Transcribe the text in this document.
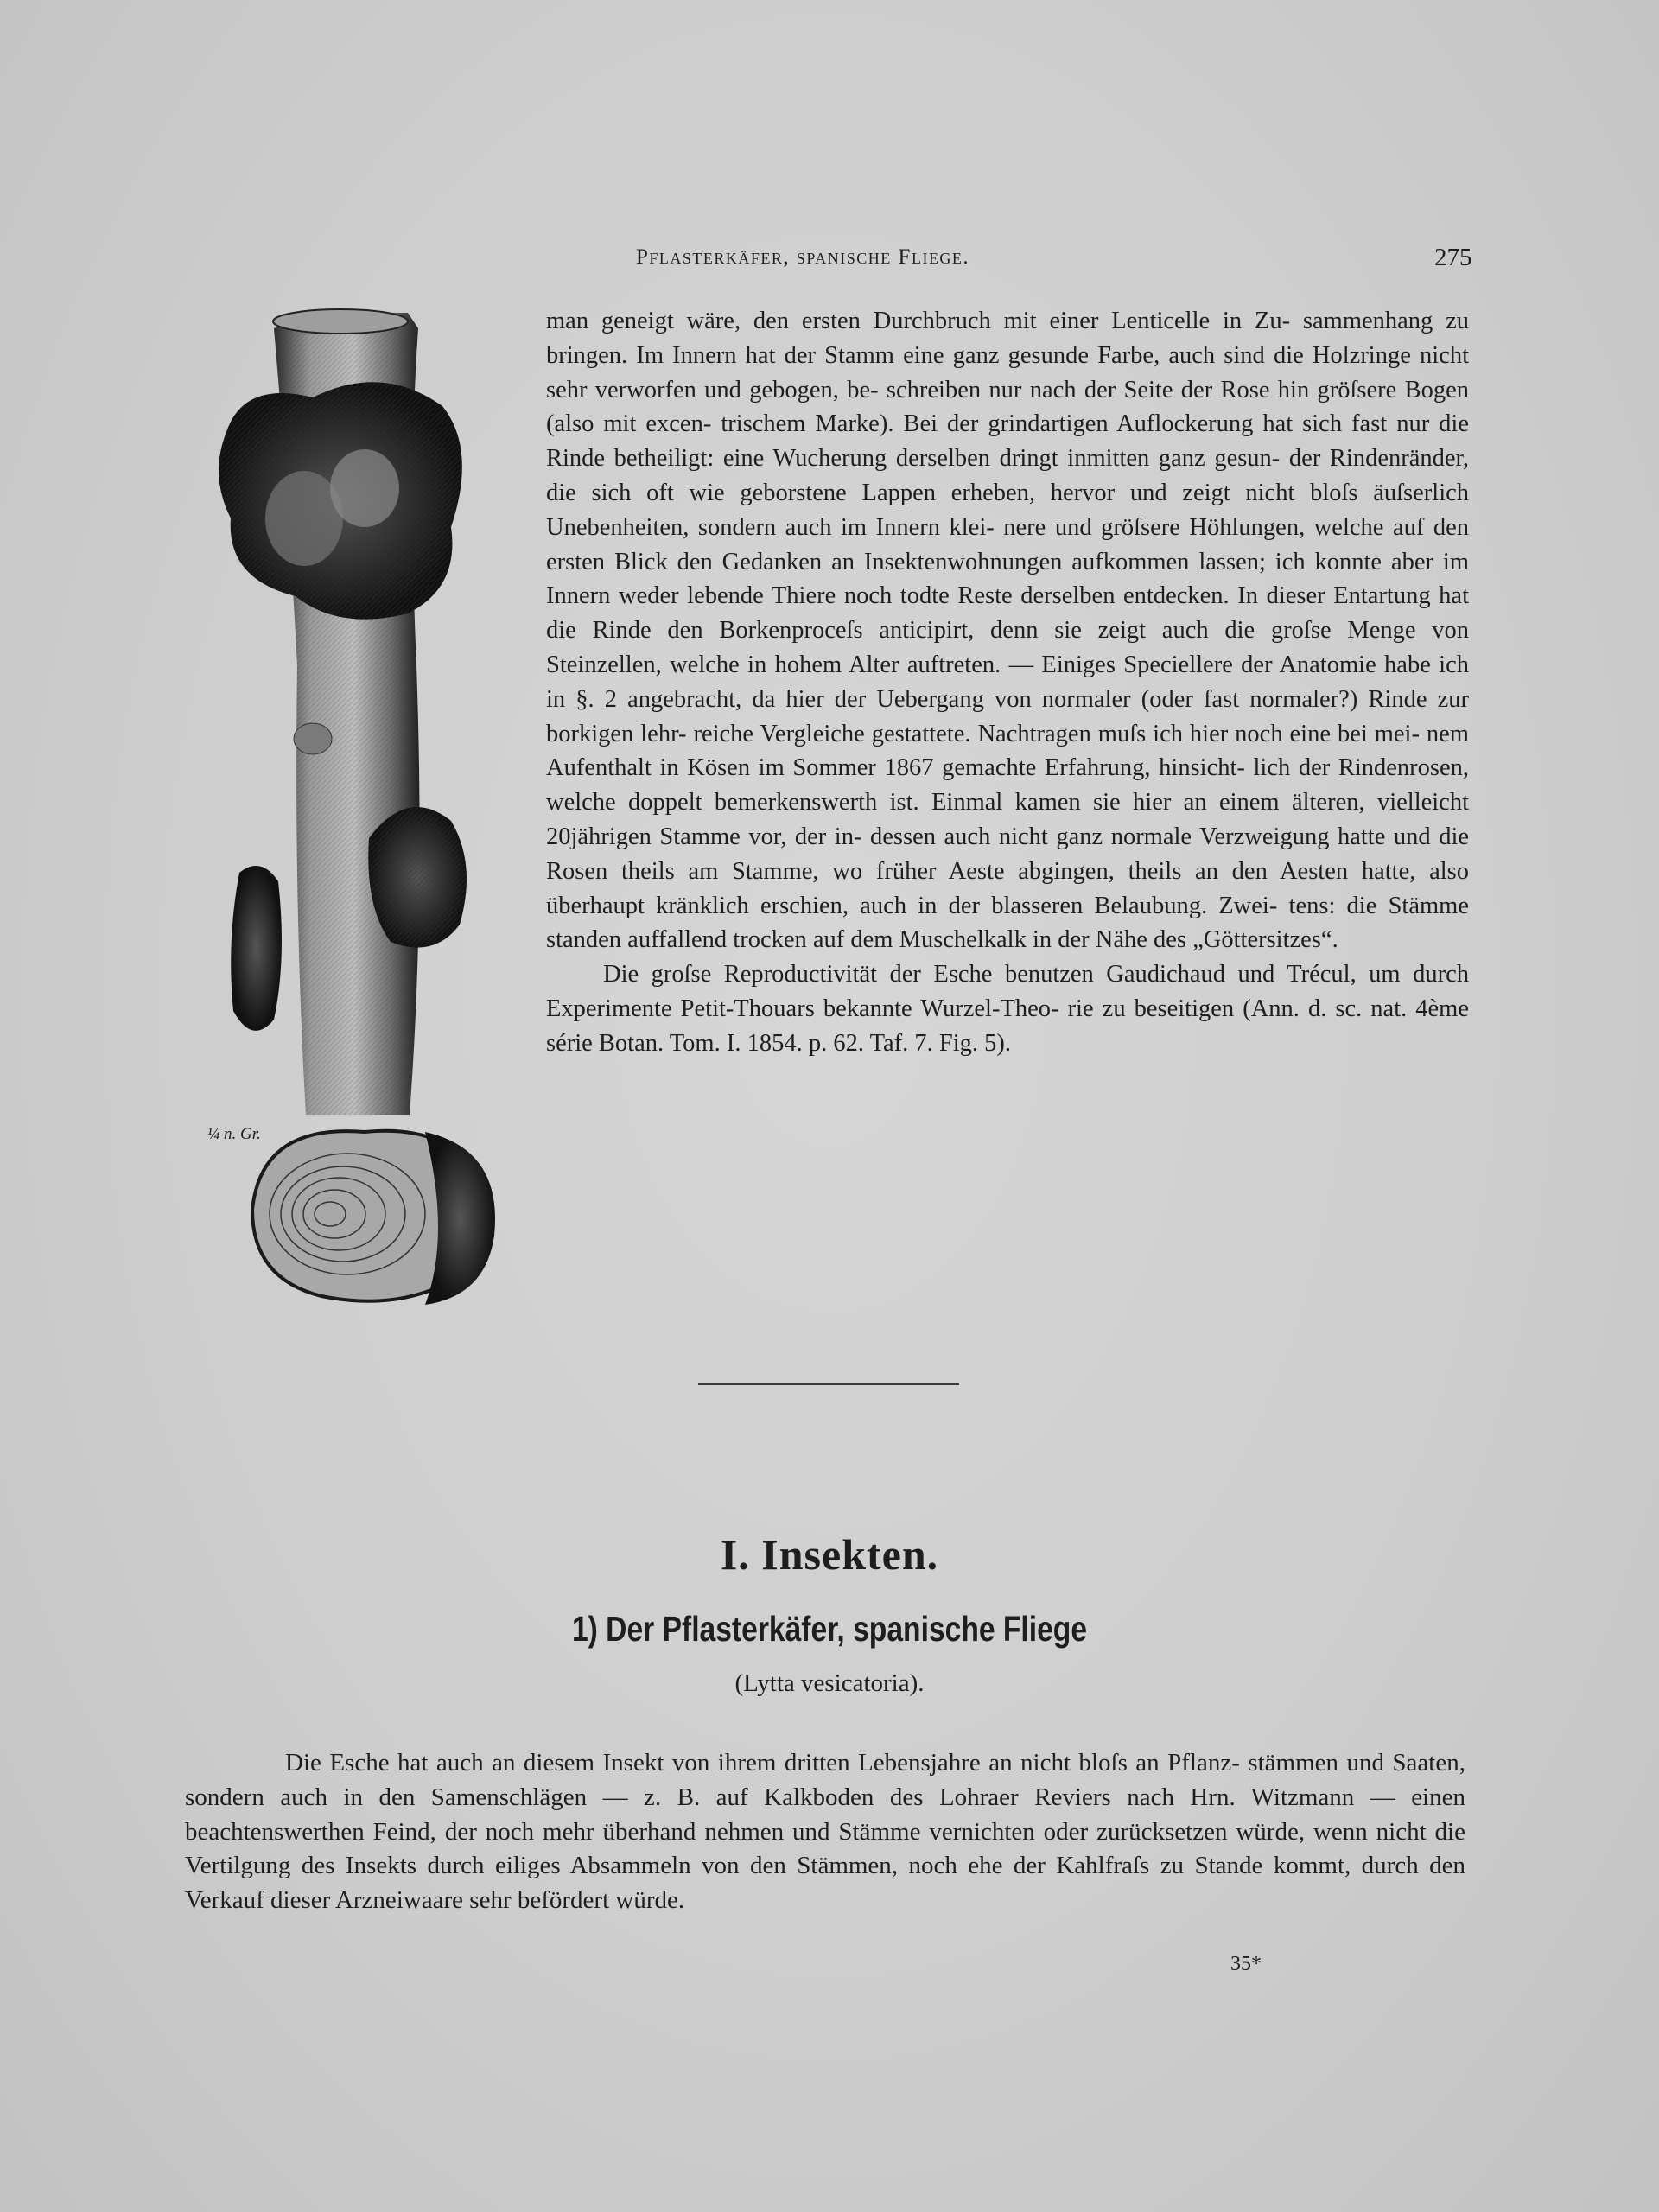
Pflasterkäfer, spanische Fliege.	275
¼ n. Gr.

man geneigt wäre, den ersten Durchbruch mit einer Lenticelle in Zu- sammenhang zu bringen. Im Innern hat der Stamm eine ganz gesunde Farbe, auch sind die Holzringe nicht sehr verworfen und gebogen, be- schreiben nur nach der Seite der Rose hin gröſsere Bogen (also mit excen- trischem Marke). Bei der grindartigen Auflockerung hat sich fast nur die Rinde betheiligt: eine Wucherung derselben dringt inmitten ganz gesun- der Rindenränder, die sich oft wie geborstene Lappen erheben, hervor und zeigt nicht bloſs äuſserlich Unebenheiten, sondern auch im Innern klei- nere und gröſsere Höhlungen, welche auf den ersten Blick den Gedanken an Insektenwohnungen aufkommen lassen; ich konnte aber im Innern weder lebende Thiere noch todte Reste derselben entdecken. In dieser Entartung hat die Rinde den Borkenproceſs anticipirt, denn sie zeigt auch die groſse Menge von Steinzellen, welche in hohem Alter auftreten. — Einiges Speciellere der Anatomie habe ich in §. 2 angebracht, da hier der Uebergang von normaler (oder fast normaler?) Rinde zur borkigen lehr- reiche Vergleiche gestattete. Nachtragen muſs ich hier noch eine bei mei- nem Aufenthalt in Kösen im Sommer 1867 gemachte Erfahrung, hinsicht- lich der Rindenrosen, welche doppelt bemerkenswerth ist. Einmal kamen sie hier an einem älteren, vielleicht 20jährigen Stamme vor, der in- dessen auch nicht ganz normale Verzweigung hatte und die Rosen theils am Stamme, wo früher Aeste abgingen, theils an den Aesten hatte, also überhaupt kränklich erschien, auch in der blasseren Belaubung. Zwei- tens: die Stämme standen auffallend trocken auf dem Muschelkalk in der Nähe des „Göttersitzes“.

Die groſse Reproductivität der Esche benutzen Gaudichaud und Trécul, um durch Experimente Petit-Thouars bekannte Wurzel-Theo- rie zu beseitigen (Ann. d. sc. nat. 4ème série Botan. Tom. I. 1854. p. 62. Taf. 7. Fig. 5).

I. Insekten.
1) Der Pflasterkäfer, spanische Fliege
(Lytta vesicatoria).

Die Esche hat auch an diesem Insekt von ihrem dritten Lebensjahre an nicht bloſs an Pflanz- stämmen und Saaten, sondern auch in den Samenschlägen — z. B. auf Kalkboden des Lohraer Reviers nach Hrn. Witzmann — einen beachtenswerthen Feind, der noch mehr überhand nehmen und Stämme vernichten oder zurücksetzen würde, wenn nicht die Vertilgung des Insekts durch eiliges Absammeln von den Stämmen, noch ehe der Kahlfraſs zu Stande kommt, durch den Verkauf dieser Arzneiwaare sehr befördert würde.

35*
